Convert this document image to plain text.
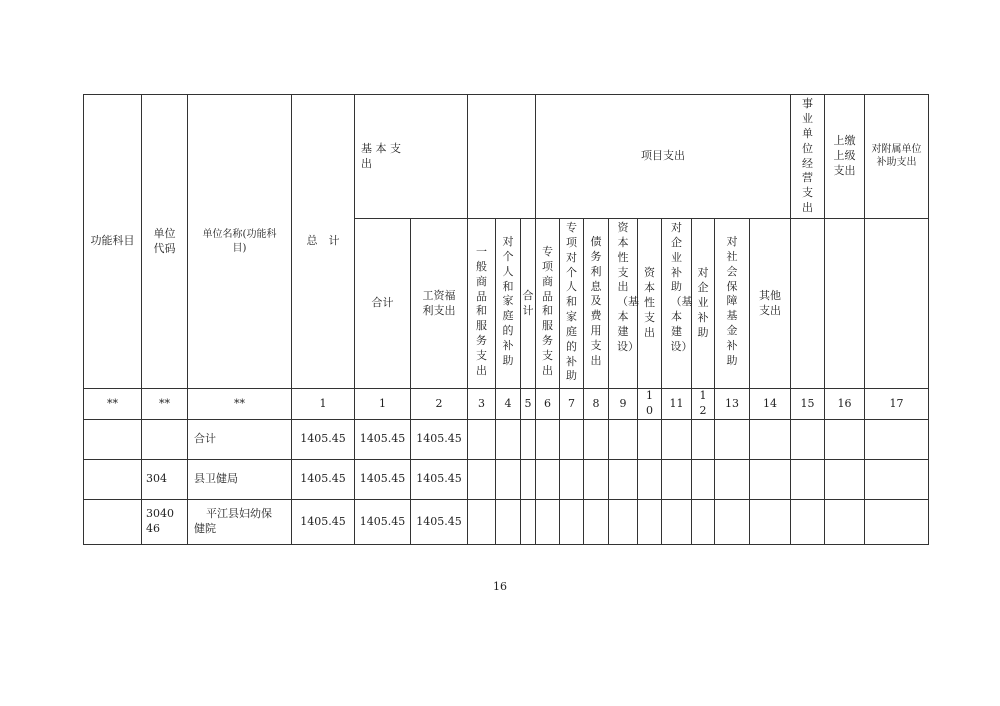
功能科目	单位代码	单位名称(功能科目)	总　计	基 本 支 出					项目支出									事业单位经营支出	上缴上级支出	对附属单位补助支出
				合计	工资福利支出	一般商品和服务支出	对个人和家庭的补助	合计	专项商品和服务支出	专项对个人和家庭的补助	债务利息及费用支出	资本性支出（基本建设）	资本性支出	对企业补助（基本建设）	对企业补助	对社会保障基金补助	其他支出			
**	**	**	1	1	2	3	4	5	6	7	8	9	10	11	12	13	14	15	16	17
		合计	1405.45	1405.45	1405.45															
	304	县卫健局	1405.45	1405.45	1405.45															
	304046	平江县妇幼保健院	1405.45	1405.45	1405.45															
16
